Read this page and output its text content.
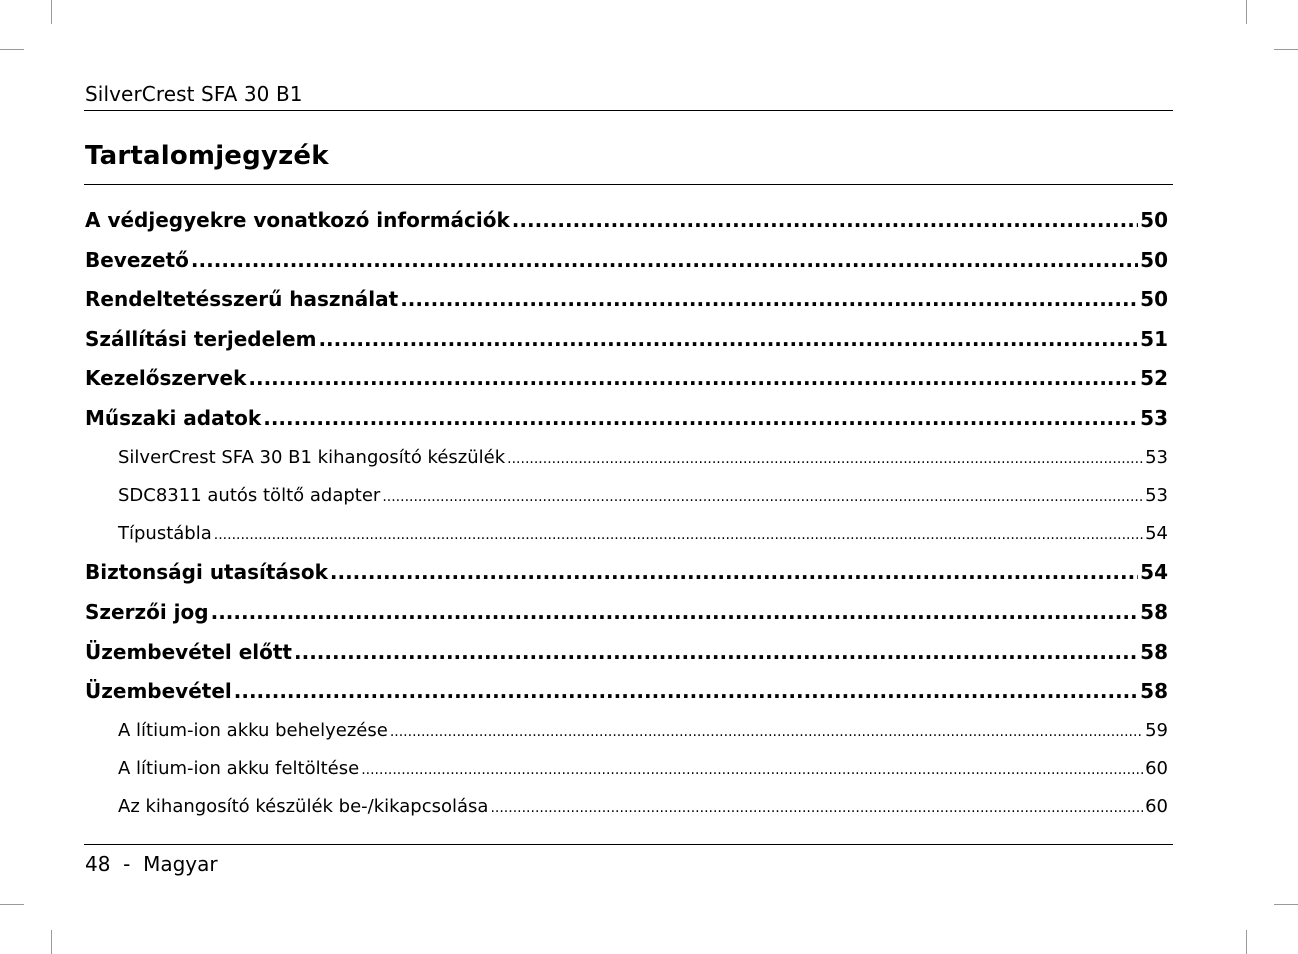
SilverCrest SFA 30 B1
Tartalomjegyzék
A védjegyekre vonatkozó információk .....	50
Bevezető .....	50
Rendeltetésszerű használat .....	50
Szállítási terjedelem .....	51
Kezelőszervek .....	52
Műszaki adatok .....	53
SilverCrest SFA 30 B1 kihangosító készülék .....	53
SDC8311 autós töltő adapter .....	53
Típustábla .....	54
Biztonsági utasítások .....	54
Szerzői jog .....	58
Üzembevétel előtt .....	58
Üzembevétel .....	58
A lítium-ion akku behelyezése .....	59
A lítium-ion akku feltöltése .....	60
Az kihangosító készülék be-/kikapcsolása .....	60
48  -  Magyar
